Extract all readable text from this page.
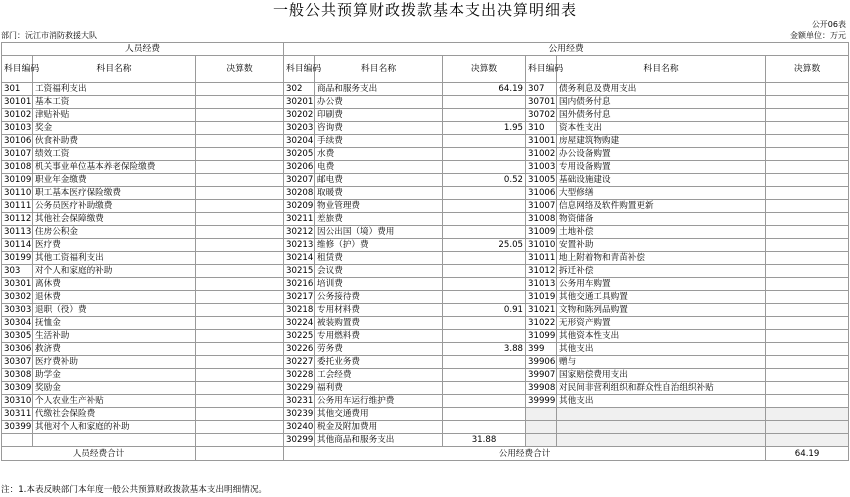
一般公共预算财政拨款基本支出决算明细表
公开06表
部门：沅江市消防救援大队	金额单位：万元
人员经费			公用经费					
科目编码	科目名称	决算数	科目编码	科目名称	决算数	科目编码	科目名称	决算数
301	工资福利支出		302	商品和服务支出	64.19	307	债务利息及费用支出	
30101	基本工资		30201	办公费		30701	国内债务付息	
30102	津贴补贴		30202	印刷费		30702	国外债务付息	
30103	奖金		30203	咨询费	1.95	310	资本性支出	
30106	伙食补助费		30204	手续费		31001	房屋建筑物购建	
30107	绩效工资		30205	水费		31002	办公设备购置	
30108	机关事业单位基本养老保险缴费		30206	电费		31003	专用设备购置	
30109	职业年金缴费		30207	邮电费	0.52	31005	基础设施建设	
30110	职工基本医疗保险缴费		30208	取暖费		31006	大型修缮	
30111	公务员医疗补助缴费		30209	物业管理费		31007	信息网络及软件购置更新	
30112	其他社会保障缴费		30211	差旅费		31008	物资储备	
30113	住房公积金		30212	因公出国（境）费用		31009	土地补偿	
30114	医疗费		30213	维修（护）费	25.05	31010	安置补助	
30199	其他工资福利支出		30214	租赁费		31011	地上附着物和青苗补偿	
303	对个人和家庭的补助		30215	会议费		31012	拆迁补偿	
30301	离休费		30216	培训费		31013	公务用车购置	
30302	退休费		30217	公务接待费		31019	其他交通工具购置	
30303	退职（役）费		30218	专用材料费	0.91	31021	文物和陈列品购置	
30304	抚恤金		30224	被装购置费		31022	无形资产购置	
30305	生活补助		30225	专用燃料费		31099	其他资本性支出	
30306	救济费		30226	劳务费	3.88	399	其他支出	
30307	医疗费补助		30227	委托业务费		39906	赠与	
30308	助学金		30228	工会经费		39907	国家赔偿费用支出	
30309	奖励金		30229	福利费		39908	对民间非营利组织和群众性自治组织补贴	
30310	个人农业生产补贴		30231	公务用车运行维护费		39999	其他支出	
30311	代缴社会保险费		30239	其他交通费用				
30399	其他对个人和家庭的补助		30240	税金及附加费用				
			30299	其他商品和服务支出	31.88			
人员经费合计			公用经费合计					64.19
注：1.本表反映部门本年度一般公共预算财政拨款基本支出明细情况。
